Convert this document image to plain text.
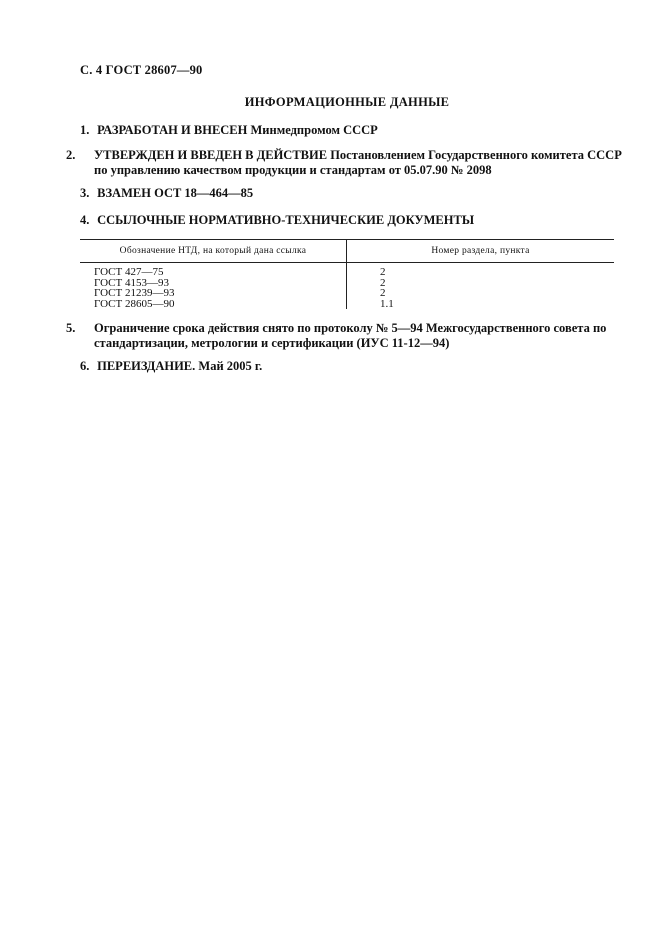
С. 4 ГОСТ 28607—90
ИНФОРМАЦИОННЫЕ ДАННЫЕ
1. РАЗРАБОТАН И ВНЕСЕН Минмедпромом СССР
2. УТВЕРЖДЕН И ВВЕДЕН В ДЕЙСТВИЕ Постановлением Государственного комитета СССР по управлению качеством продукции и стандартам от 05.07.90 № 2098
3. ВЗАМЕН ОСТ 18—464—85
4. ССЫЛОЧНЫЕ НОРМАТИВНО-ТЕХНИЧЕСКИЕ ДОКУМЕНТЫ
Обозначение НТД, на который дана ссылка	Номер раздела, пункта
ГОСТ 427—75	2
ГОСТ 4153—93	2
ГОСТ 21239—93	2
ГОСТ 28605—90	1.1
5. Ограничение срока действия снято по протоколу № 5—94 Межгосударственного совета по стандартизации, метрологии и сертификации (ИУС 11-12—94)
6. ПЕРЕИЗДАНИЕ. Май 2005 г.
